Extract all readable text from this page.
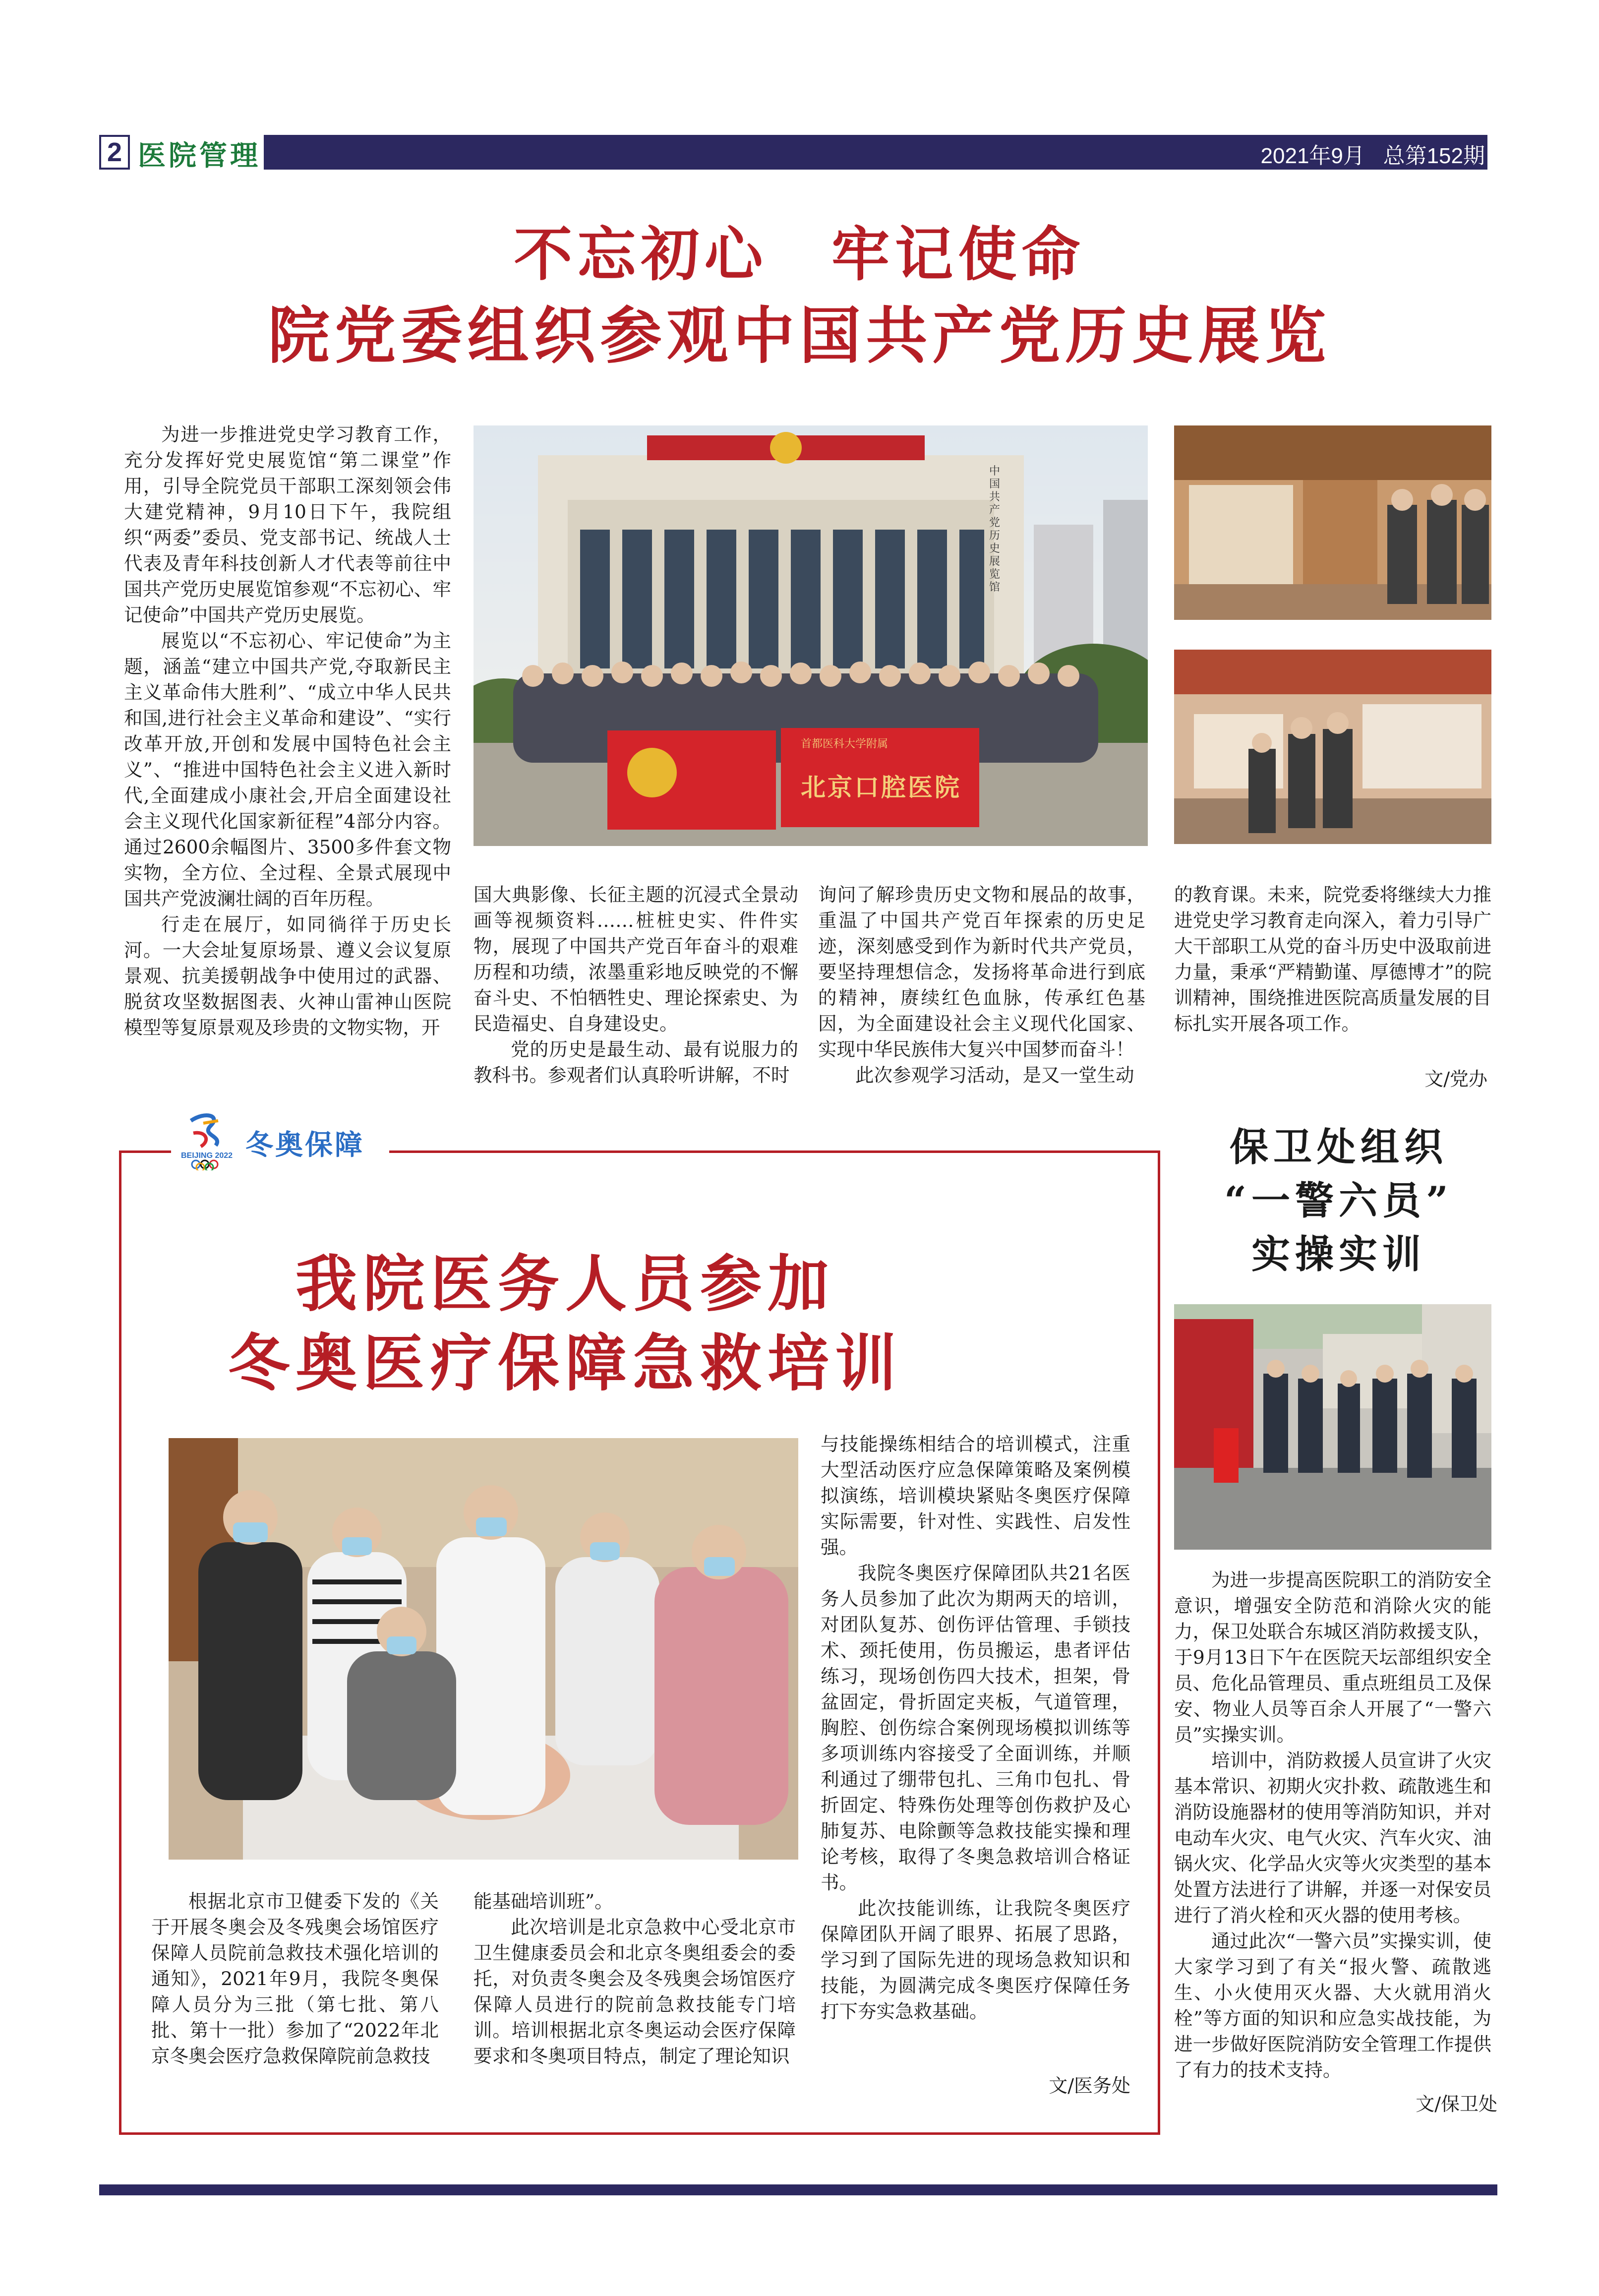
2 医院管理	2021年9月   总第152期
不忘初心　牢记使命
院党委组织参观中国共产党历史展览

为进一步推进党史学习教育工作，充分发挥好党史展览馆“第二课堂”作用，引导全院党员干部职工深刻领会伟大建党精神，9月10日下午，我院组织“两委”委员、党支部书记、统战人士代表及青年科技创新人才代表等前往中国共产党历史展览馆参观“不忘初心、牢记使命”中国共产党历史展览。

展览以“不忘初心、牢记使命”为主题，涵盖“建立中国共产党,夺取新民主主义革命伟大胜利”、“成立中华人民共和国,进行社会主义革命和建设”、“实行改革开放,开创和发展中国特色社会主义”、“推进中国特色社会主义进入新时代,全面建成小康社会,开启全面建设社会主义现代化国家新征程”4部分内容。通过2600余幅图片、3500多件套文物实物，全方位、全过程、全景式展现中国共产党波澜壮阔的百年历程。

行走在展厅，如同徜徉于历史长河。一大会址复原场景、遵义会议复原景观、抗美援朝战争中使用过的武器、脱贫攻坚数据图表、火神山雷神山医院模型等复原景观及珍贵的文物实物，开

首都医科大学附属
北京口腔医院
中国共产党历史展览馆

国大典影像、长征主题的沉浸式全景动画等视频资料……桩桩史实、件件实物，展现了中国共产党百年奋斗的艰难历程和功绩，浓墨重彩地反映党的不懈奋斗史、不怕牺牲史、理论探索史、为民造福史、自身建设史。

党的历史是最生动、最有说服力的教科书。参观者们认真聆听讲解，不时

询问了解珍贵历史文物和展品的故事，重温了中国共产党百年探索的历史足迹，深刻感受到作为新时代共产党员，要坚持理想信念，发扬将革命进行到底的精神，赓续红色血脉，传承红色基因，为全面建设社会主义现代化国家、实现中华民族伟大复兴中国梦而奋斗！

此次参观学习活动，是又一堂生动

的教育课。未来，院党委将继续大力推进党史学习教育走向深入，着力引导广大干部职工从党的奋斗历史中汲取前进力量，秉承“严精勤谨、厚德博才”的院训精神，围绕推进医院高质量发展的目标扎实开展各项工作。

文/党办
BEIJING 2022 冬奥保障
我院医务人员参加
冬奥医疗保障急救培训

与技能操练相结合的培训模式，注重大型活动医疗应急保障策略及案例模拟演练，培训模块紧贴冬奥医疗保障实际需要，针对性、实践性、启发性强。

我院冬奥医疗保障团队共21名医务人员参加了此次为期两天的培训，对团队复苏、创伤评估管理、手锁技术、颈托使用，伤员搬运，患者评估练习，现场创伤四大技术，担架，骨盆固定，骨折固定夹板，气道管理，胸腔、创伤综合案例现场模拟训练等多项训练内容接受了全面训练，并顺利通过了绷带包扎、三角巾包扎、骨折固定、特殊伤处理等创伤救护及心肺复苏、电除颤等急救技能实操和理论考核，取得了冬奥急救培训合格证书。

此次技能训练，让我院冬奥医疗保障团队开阔了眼界、拓展了思路，学习到了国际先进的现场急救知识和技能，为圆满完成冬奥医疗保障任务打下夯实急救基础。

根据北京市卫健委下发的《关于开展冬奥会及冬残奥会场馆医疗保障人员院前急救技术强化培训的通知》，2021年9月，我院冬奥保障人员分为三批（第七批、第八批、第十一批）参加了“2022年北京冬奥会医疗急救保障院前急救技

能基础培训班”。

此次培训是北京急救中心受北京市卫生健康委员会和北京冬奥组委会的委托，对负责冬奥会及冬残奥会场馆医疗保障人员进行的院前急救技能专门培训。培训根据北京冬奥运动会医疗保障要求和冬奥项目特点，制定了理论知识

文/医务处
保卫处组织
“一警六员”
实操实训

为进一步提高医院职工的消防安全意识，增强安全防范和消除火灾的能力，保卫处联合东城区消防救援支队，于9月13日下午在医院天坛部组织安全员、危化品管理员、重点班组员工及保安、物业人员等百余人开展了“一警六员”实操实训。

培训中，消防救援人员宣讲了火灾基本常识、初期火灾扑救、疏散逃生和消防设施器材的使用等消防知识，并对电动车火灾、电气火灾、汽车火灾、油锅火灾、化学品火灾等火灾类型的基本处置方法进行了讲解，并逐一对保安员进行了消火栓和灭火器的使用考核。

通过此次“一警六员”实操实训，使大家学习到了有关“报火警、疏散逃生、小火使用灭火器、大火就用消火栓”等方面的知识和应急实战技能，为进一步做好医院消防安全管理工作提供了有力的技术支持。

文/保卫处
